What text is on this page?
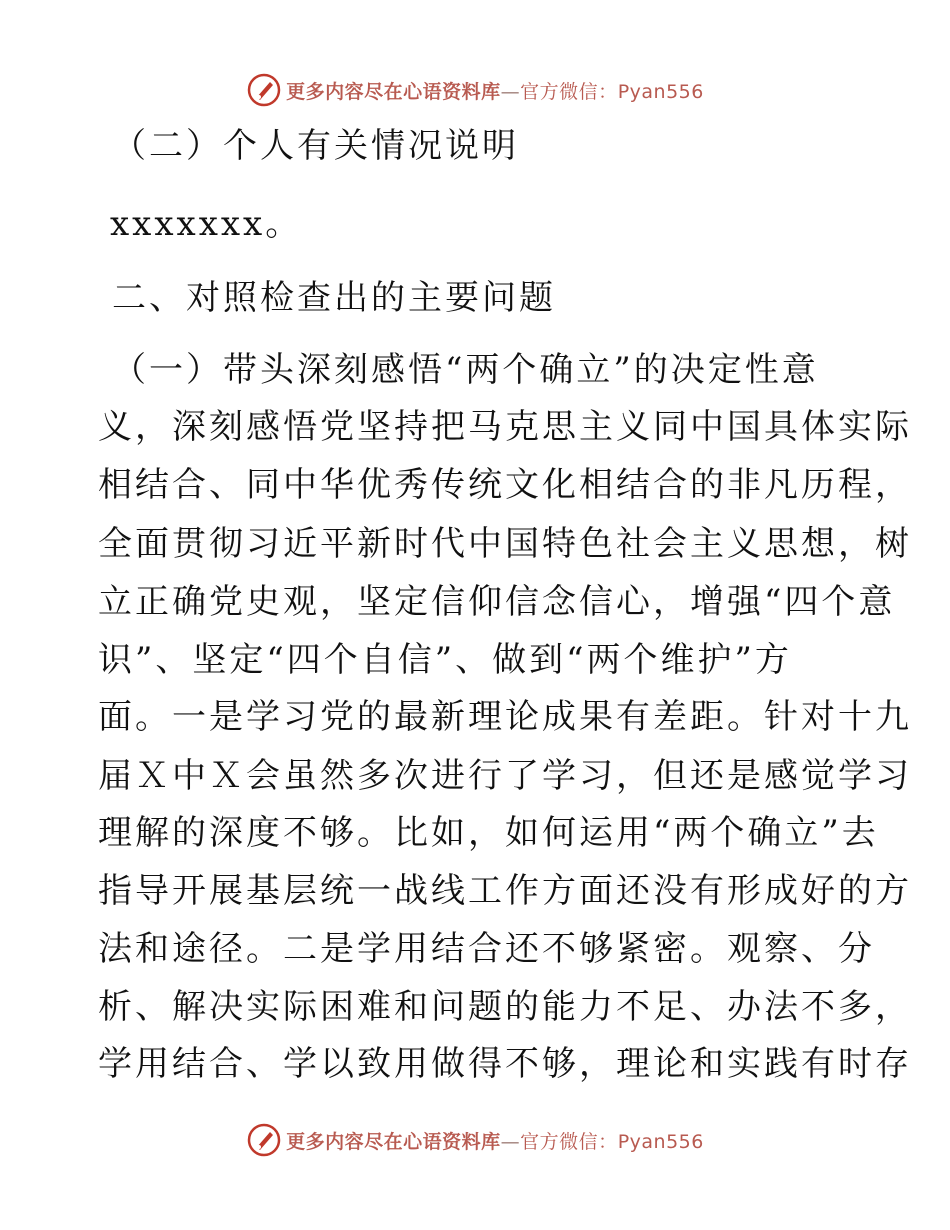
更多内容尽在心语资料库—官方微信：Pyan556
（二）个人有关情况说明
xxxxxxx。
二、对照检查出的主要问题
（一）带头深刻感悟“两个确立”的决定性意
义，深刻感悟党坚持把马克思主义同中国具体实际
相结合、同中华优秀传统文化相结合的非凡历程，
全面贯彻习近平新时代中国特色社会主义思想，树
立正确党史观，坚定信仰信念信心，增强“四个意
识”、坚定“四个自信”、做到“两个维护”方
面。一是学习党的最新理论成果有差距。针对十九
届Ｘ中Ｘ会虽然多次进行了学习，但还是感觉学习
理解的深度不够。比如，如何运用“两个确立”去
指导开展基层统一战线工作方面还没有形成好的方
法和途径。二是学用结合还不够紧密。观察、分
析、解决实际困难和问题的能力不足、办法不多，
学用结合、学以致用做得不够，理论和实践有时存
更多内容尽在心语资料库—官方微信：Pyan556
